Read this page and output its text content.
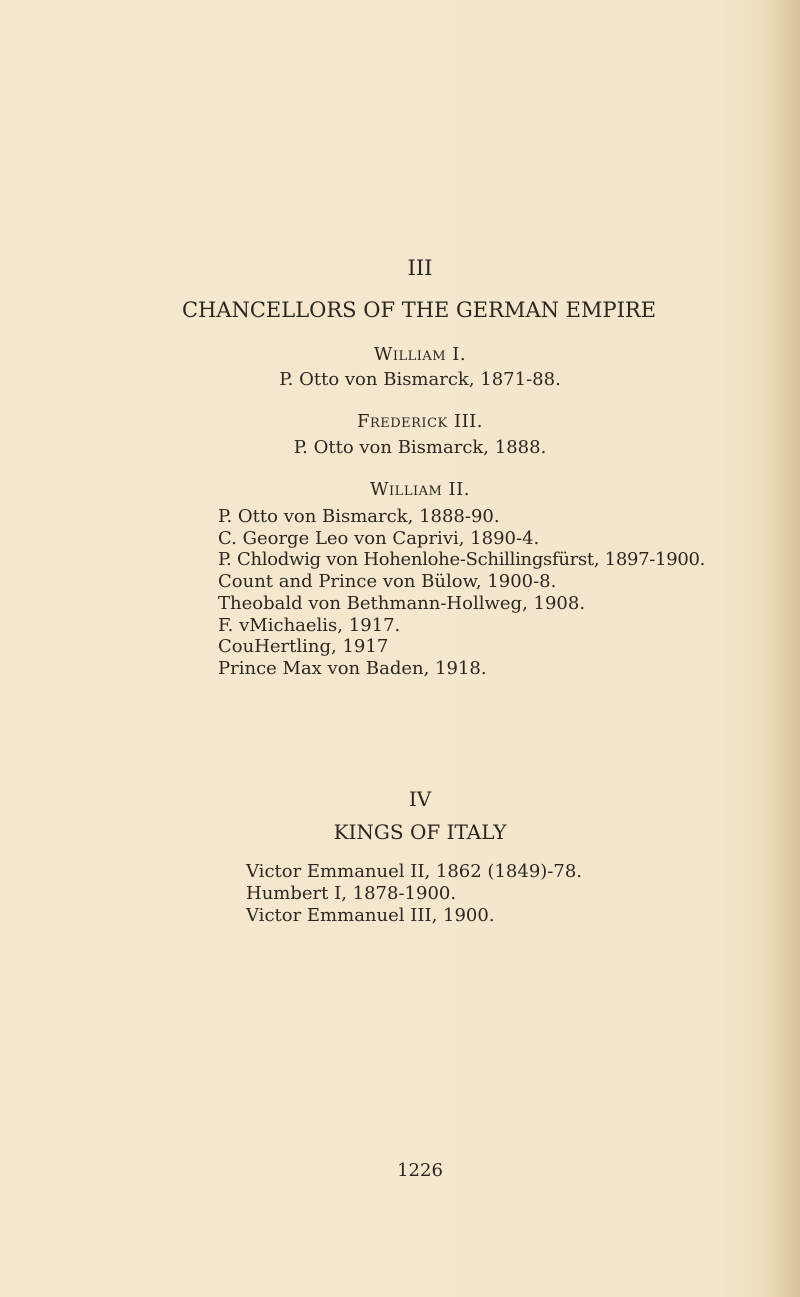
III
CHANCELLORS OF THE GERMAN EMPIRE
William I.
P. Otto von Bismarck, 1871-88.
Frederick III.
P. Otto von Bismarck, 1888.
William II.
P. Otto von Bismarck, 1888-90.
C. George Leo von Caprivi, 1890-4.
P. Chlodwig von Hohenlohe-Schillingsfürst, 1897-1900.
Count and Prince von Bülow, 1900-8.
Theobald von Bethmann-Hollweg, 1908.
F. vMichaelis, 1917.
CouHertling, 1917
Prince Max von Baden, 1918.
IV
KINGS OF ITALY
Victor Emmanuel II, 1862 (1849)-78.
Humbert I, 1878-1900.
Victor Emmanuel III, 1900.
1226
